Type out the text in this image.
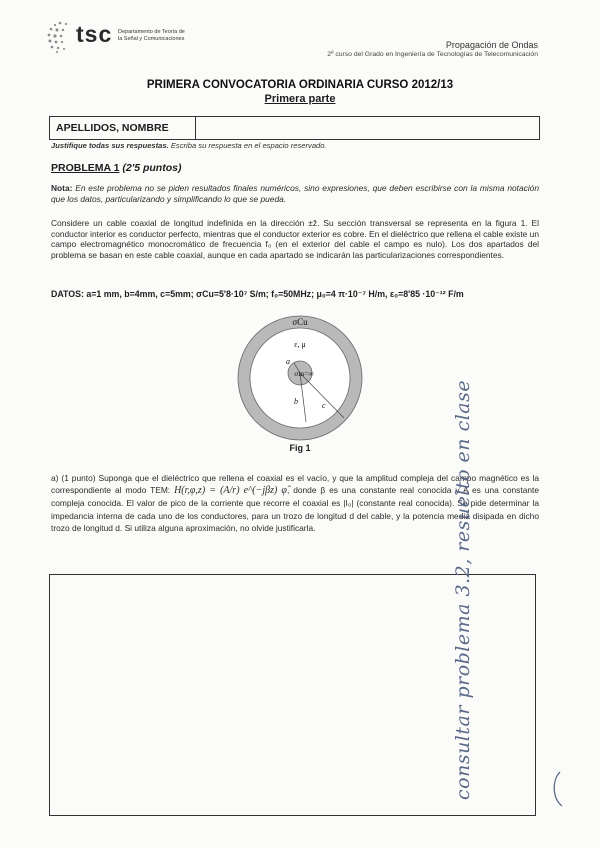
tsc Departamento de Teoría de
la Señal y Comunicaciones
Propagación de Ondas
2º curso del Grado en Ingeniería de Tecnologías de Telecomunicación
PRIMERA CONVOCATORIA ORDINARIA CURSO 2012/13
Primera parte
APELLIDOS, NOMBRE
Justifique todas sus respuestas. Escriba su respuesta en el espacio reservado.
PROBLEMA 1 (2'5 puntos)
Nota: En este problema no se piden resultados finales numéricos, sino expresiones, que deben escribirse con la misma notación que los datos, particularizando y simplificando lo que se pueda.
Considere un cable coaxial de longitud indefinida en la dirección ±ẑ. Su sección transversal se representa en la figura 1. El conductor interior es conductor perfecto, mientras que el conductor exterior es cobre. En el dieléctrico que rellena el cable existe un campo electromagnético monocromático de frecuencia f₀ (en el exterior del cable el campo es nulo). Los dos apartados del problema se basan en este cable coaxial, aunque en cada apartado se indicarán las particularizaciones correspondientes.
DATOS: a=1 mm, b=4mm, c=5mm; σCu=5'8·10⁷ S/m; f₀=50MHz; μ₀=4 π·10⁻⁷ H/m, ε₀=8'85 ·10⁻¹² F/m
σCu
ε, μ
σin=∞
a
b	c
Fig 1
a) (1 punto) Suponga que el dieléctrico que rellena el coaxial es el vacío, y que la amplitud compleja del campo magnético es la correspondiente al modo TEM: H(r,φ,z) = (A/r) e^(−jβz) φ̂, donde β es una constante real conocida y A es una constante compleja conocida. El valor de pico de la corriente que recorre el coaxial es |I₀| (constante real conocida). Se pide determinar la impedancia interna de cada uno de los conductores, para un trozo de longitud d del cable, y la potencia media disipada en dicho trozo de longitud d. Si utiliza alguna aproximación, no olvide justificarla.	consultar problema 3.2, resuelto en clase
